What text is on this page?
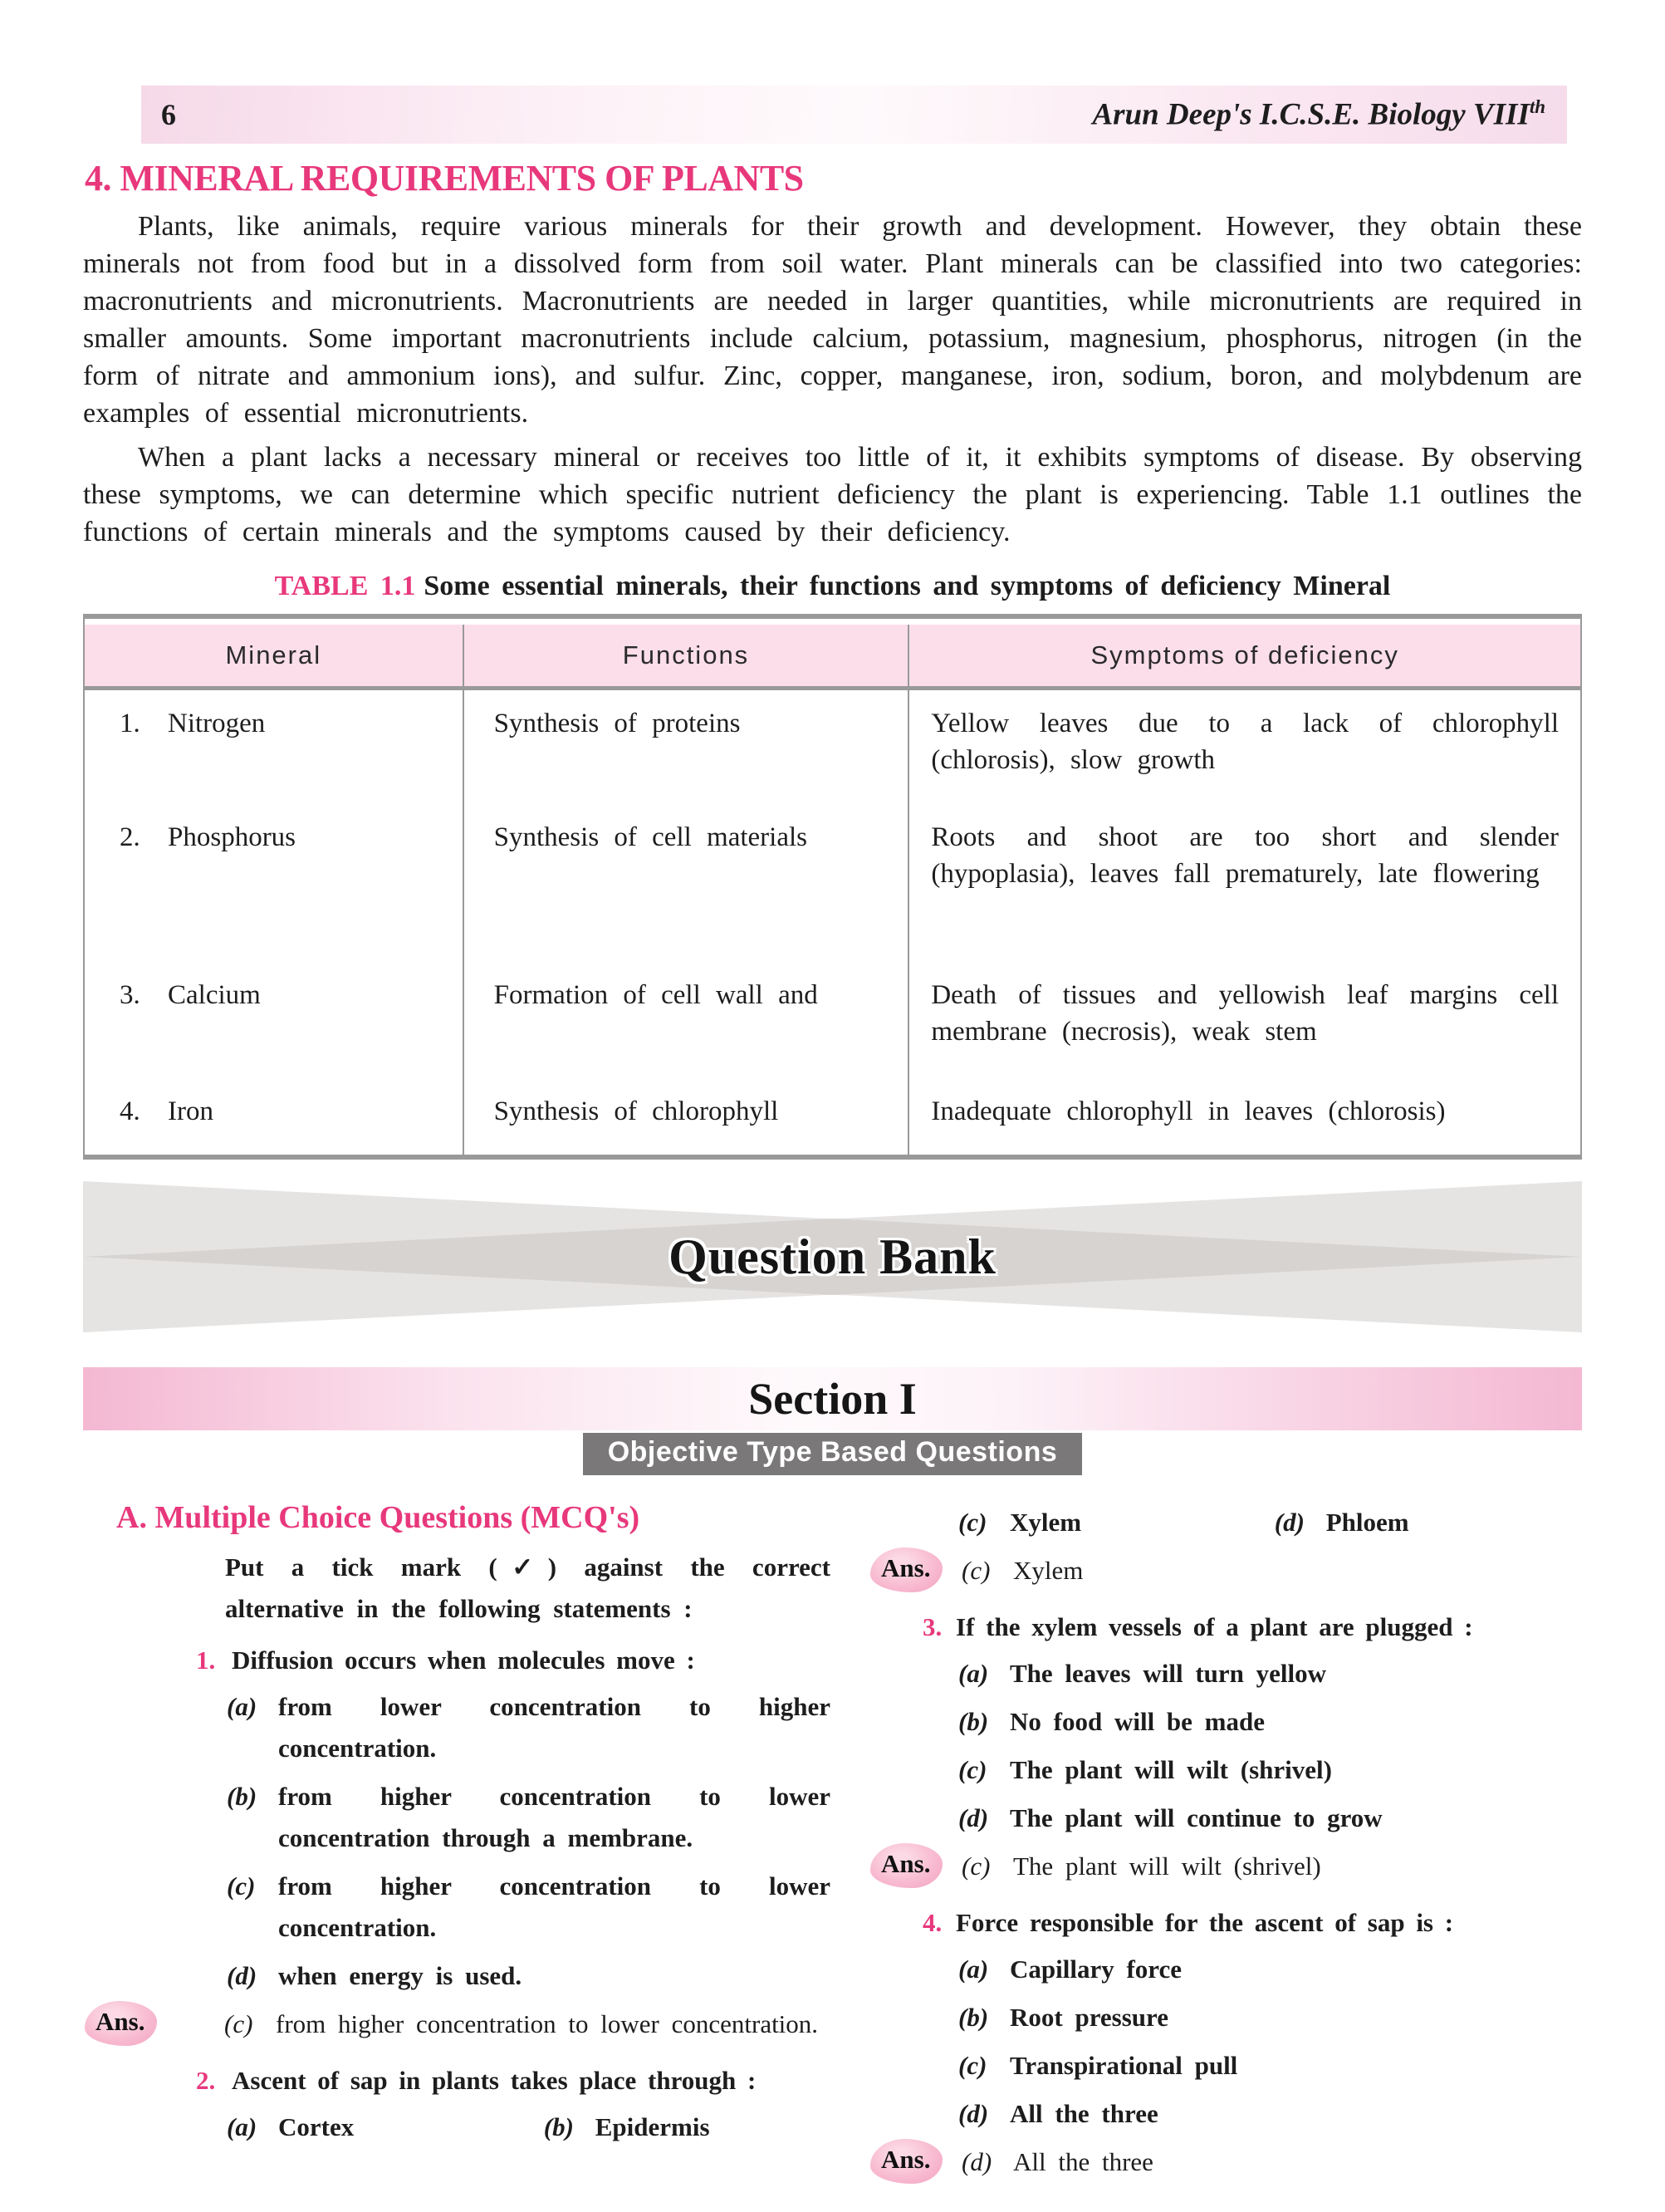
6	Arun Deep's I.C.S.E. Biology VIIIth
4. MINERAL REQUIREMENTS OF PLANTS

Plants, like animals, require various minerals for their growth and development. However, they obtain these minerals not from food but in a dissolved form from soil water. Plant minerals can be classified into two categories: macronutrients and micronutrients. Macronutrients are needed in larger quantities, while micronutrients are required in smaller amounts. Some important macronutrients include calcium, potassium, magnesium, phosphorus, nitrogen (in the form of nitrate and ammonium ions), and sulfur. Zinc, copper, manganese, iron, sodium, boron, and molybdenum are examples of essential micronutrients.

When a plant lacks a necessary mineral or receives too little of it, it exhibits symptoms of disease. By observing these symptoms, we can determine which specific nutrient deficiency the plant is experiencing. Table 1.1 outlines the functions of certain minerals and the symptoms caused by their deficiency.

TABLE 1.1 Some essential minerals, their functions and symptoms of deficiency Mineral
Mineral	Functions	Symptoms of deficiency
1. Nitrogen	Synthesis of proteins	Yellow leaves due to a lack of chlorophyll (chlorosis), slow growth
2. Phosphorus	Synthesis of cell materials	Roots and shoot are too short and slender (hypoplasia), leaves fall prematurely, late flowering
3. Calcium	Formation of cell wall and	Death of tissues and yellowish leaf margins cell membrane (necrosis), weak stem
4. Iron	Synthesis of chlorophyll	Inadequate chlorophyll in leaves (chlorosis)
Question Bank
Section I
Objective Type Based Questions
A. Multiple Choice Questions (MCQ's)
Put a tick mark (✓) against the correct alternative in the following statements :
1. Diffusion occurs when molecules move :
(a) from lower concentration to higher concentration.
(b) from higher concentration to lower concentration through a membrane.
(c) from higher concentration to lower concentration.
(d) when energy is used.
Ans.	(c) from higher concentration to lower concentration.
2. Ascent of sap in plants takes place through :
(a) Cortex	(b) Epidermis
(c) Xylem	(d) Phloem
Ans.	(c) Xylem
3. If the xylem vessels of a plant are plugged :
(a) The leaves will turn yellow
(b) No food will be made
(c) The plant will wilt (shrivel)
(d) The plant will continue to grow
Ans.	(c) The plant will wilt (shrivel)
4. Force responsible for the ascent of sap is :
(a) Capillary force
(b) Root pressure
(c) Transpirational pull
(d) All the three
Ans.	(d) All the three
